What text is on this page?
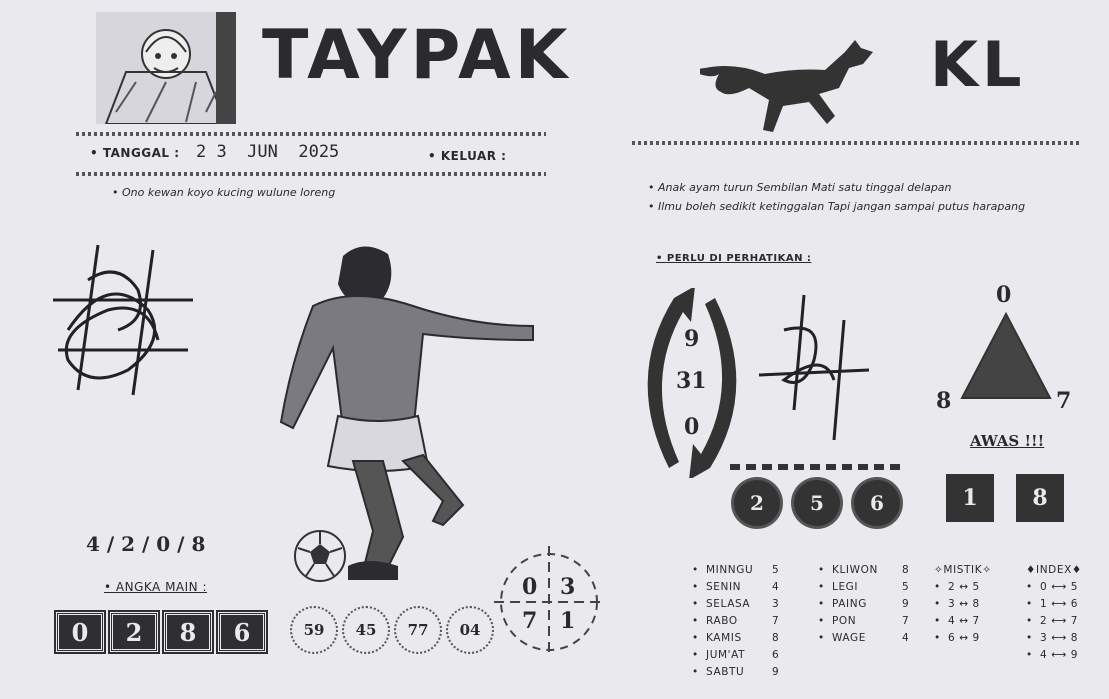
TAYPAK
• TANGGAL : 2 3  JUN  2025	• KELUAR :
• Ono kewan koyo kucing wulune loreng
KL
• Anak ayam turun Sembilan Mati satu tinggal delapan
• Ilmu boleh sedikit ketinggalan Tapi jangan sampai putus harapang
4 / 2 / 0 / 8
• ANGKA MAIN :
0	2	8	6	59	45	77	04
0 3
7 1
• PERLU DI PERHATIKAN :
9
31
0
2	5	6
0
8	7
AWAS !!!
1	8
• MINNGU	5
• SENIN	4
• SELASA	3
• RABO	7
• KAMIS	8
• JUM'AT	6
• SABTU	9
• KLIWON	8
• LEGI	5
• PAING	9
• PON	7
• WAGE	4
✧ MISTIK ✧
• 2 ↔ 5
• 3 ↔ 8
• 4 ↔ 7
• 6 ↔ 9
♦ INDEX ♦
• 0 ⟷ 5
• 1 ⟷ 6
• 2 ⟷ 7
• 3 ⟷ 8
• 4 ⟷ 9
